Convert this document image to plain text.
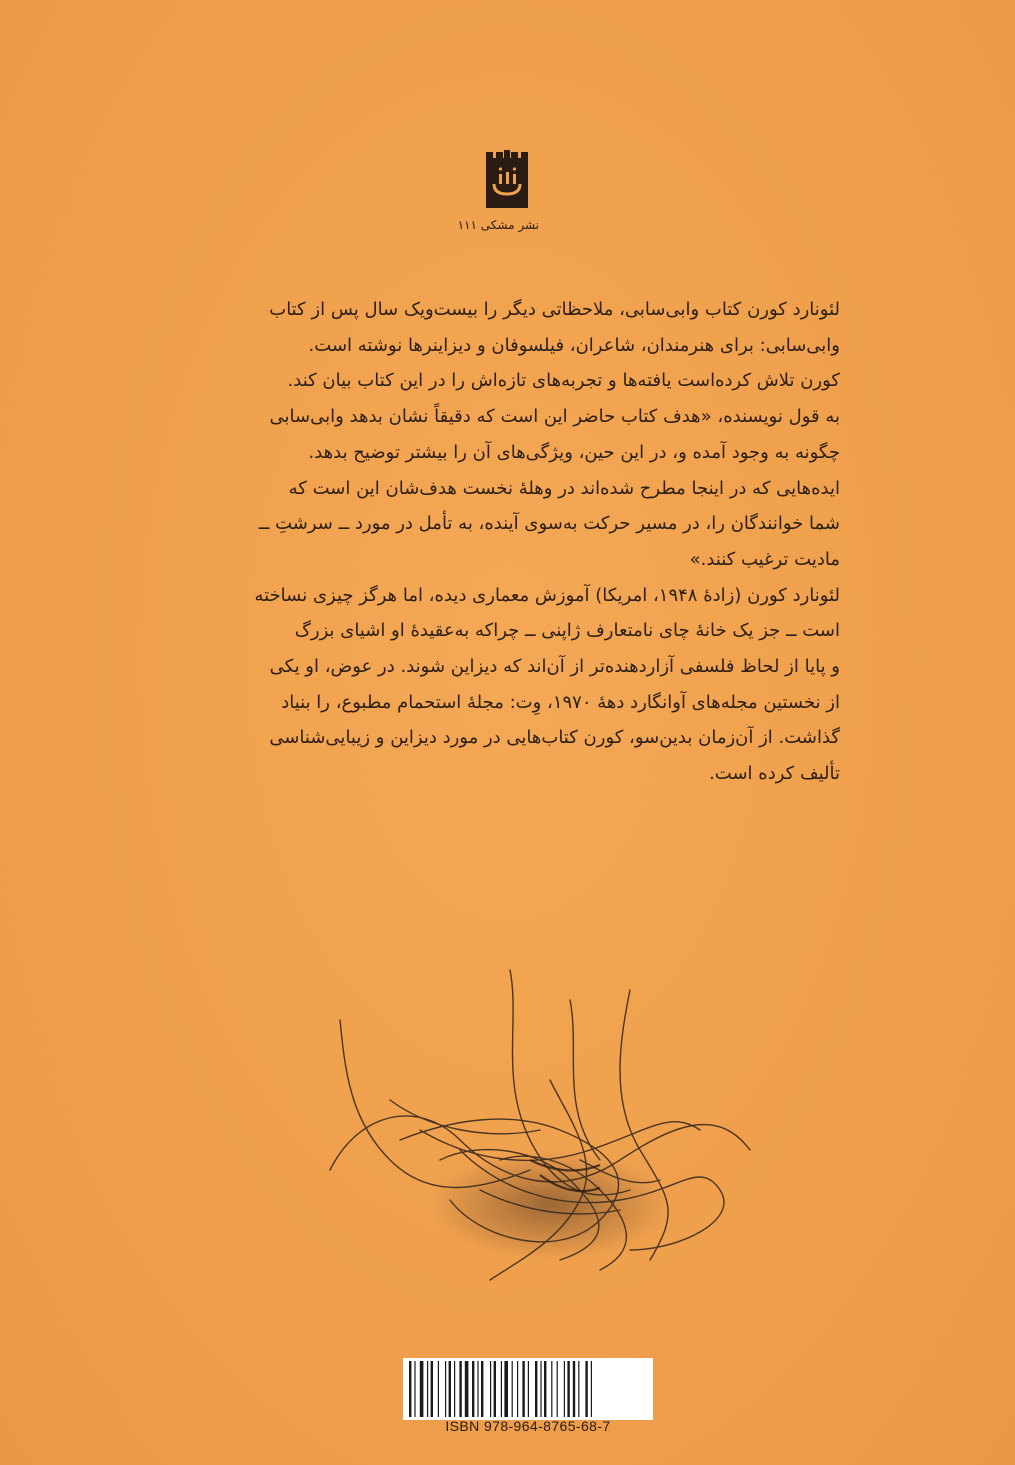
نشر مشکی ۱۱۱
لئونارد کورن کتاب وابی‌سابی، ملاحظاتی دیگر را بیست‌ویک سال پس از کتاب
وابی‌سابی: برای هنرمندان، شاعران، فیلسوفان و دیزاینرها نوشته است.
کورن تلاش کرده‌است یافته‌ها و تجربه‌های تازه‌اش را در این کتاب بیان کند.
به قول نویسنده، «هدف کتاب حاضر این است که دقیقاً نشان بدهد وابی‌سابی
چگونه به وجود آمده و، در این حین، ویژگی‌های آن را بیشتر توضیح بدهد.
ایده‌هایی که در اینجا مطرح شده‌اند در وهلهٔ نخست هدف‌شان این است که
شما خوانندگان را، در مسیر حرکت به‌سوی آینده، به تأمل در مورد ــ سرشتِ ــ
مادیت ترغیب کنند.»
لئونارد کورن (زادهٔ ۱۹۴۸، امریکا) آموزش معماری دیده، اما هرگز چیزی نساخته
است ــ جز یک خانهٔ چای نامتعارف ژاپنی ــ چراکه به‌عقیدهٔ او اشیای بزرگ
و پایا از لحاظ فلسفی آزاردهنده‌تر از آن‌اند که دیزاین شوند. در عوض، او یکی
از نخستین مجله‌های آوانگارد دههٔ ۱۹۷۰، وِت: مجلهٔ استحمام مطبوع، را بنیاد
گذاشت. از آن‌زمان بدین‌سو، کورن کتاب‌هایی در مورد دیزاین و زیبایی‌شناسی
تألیف کرده است.
ISBN 978-964-8765-68-7
